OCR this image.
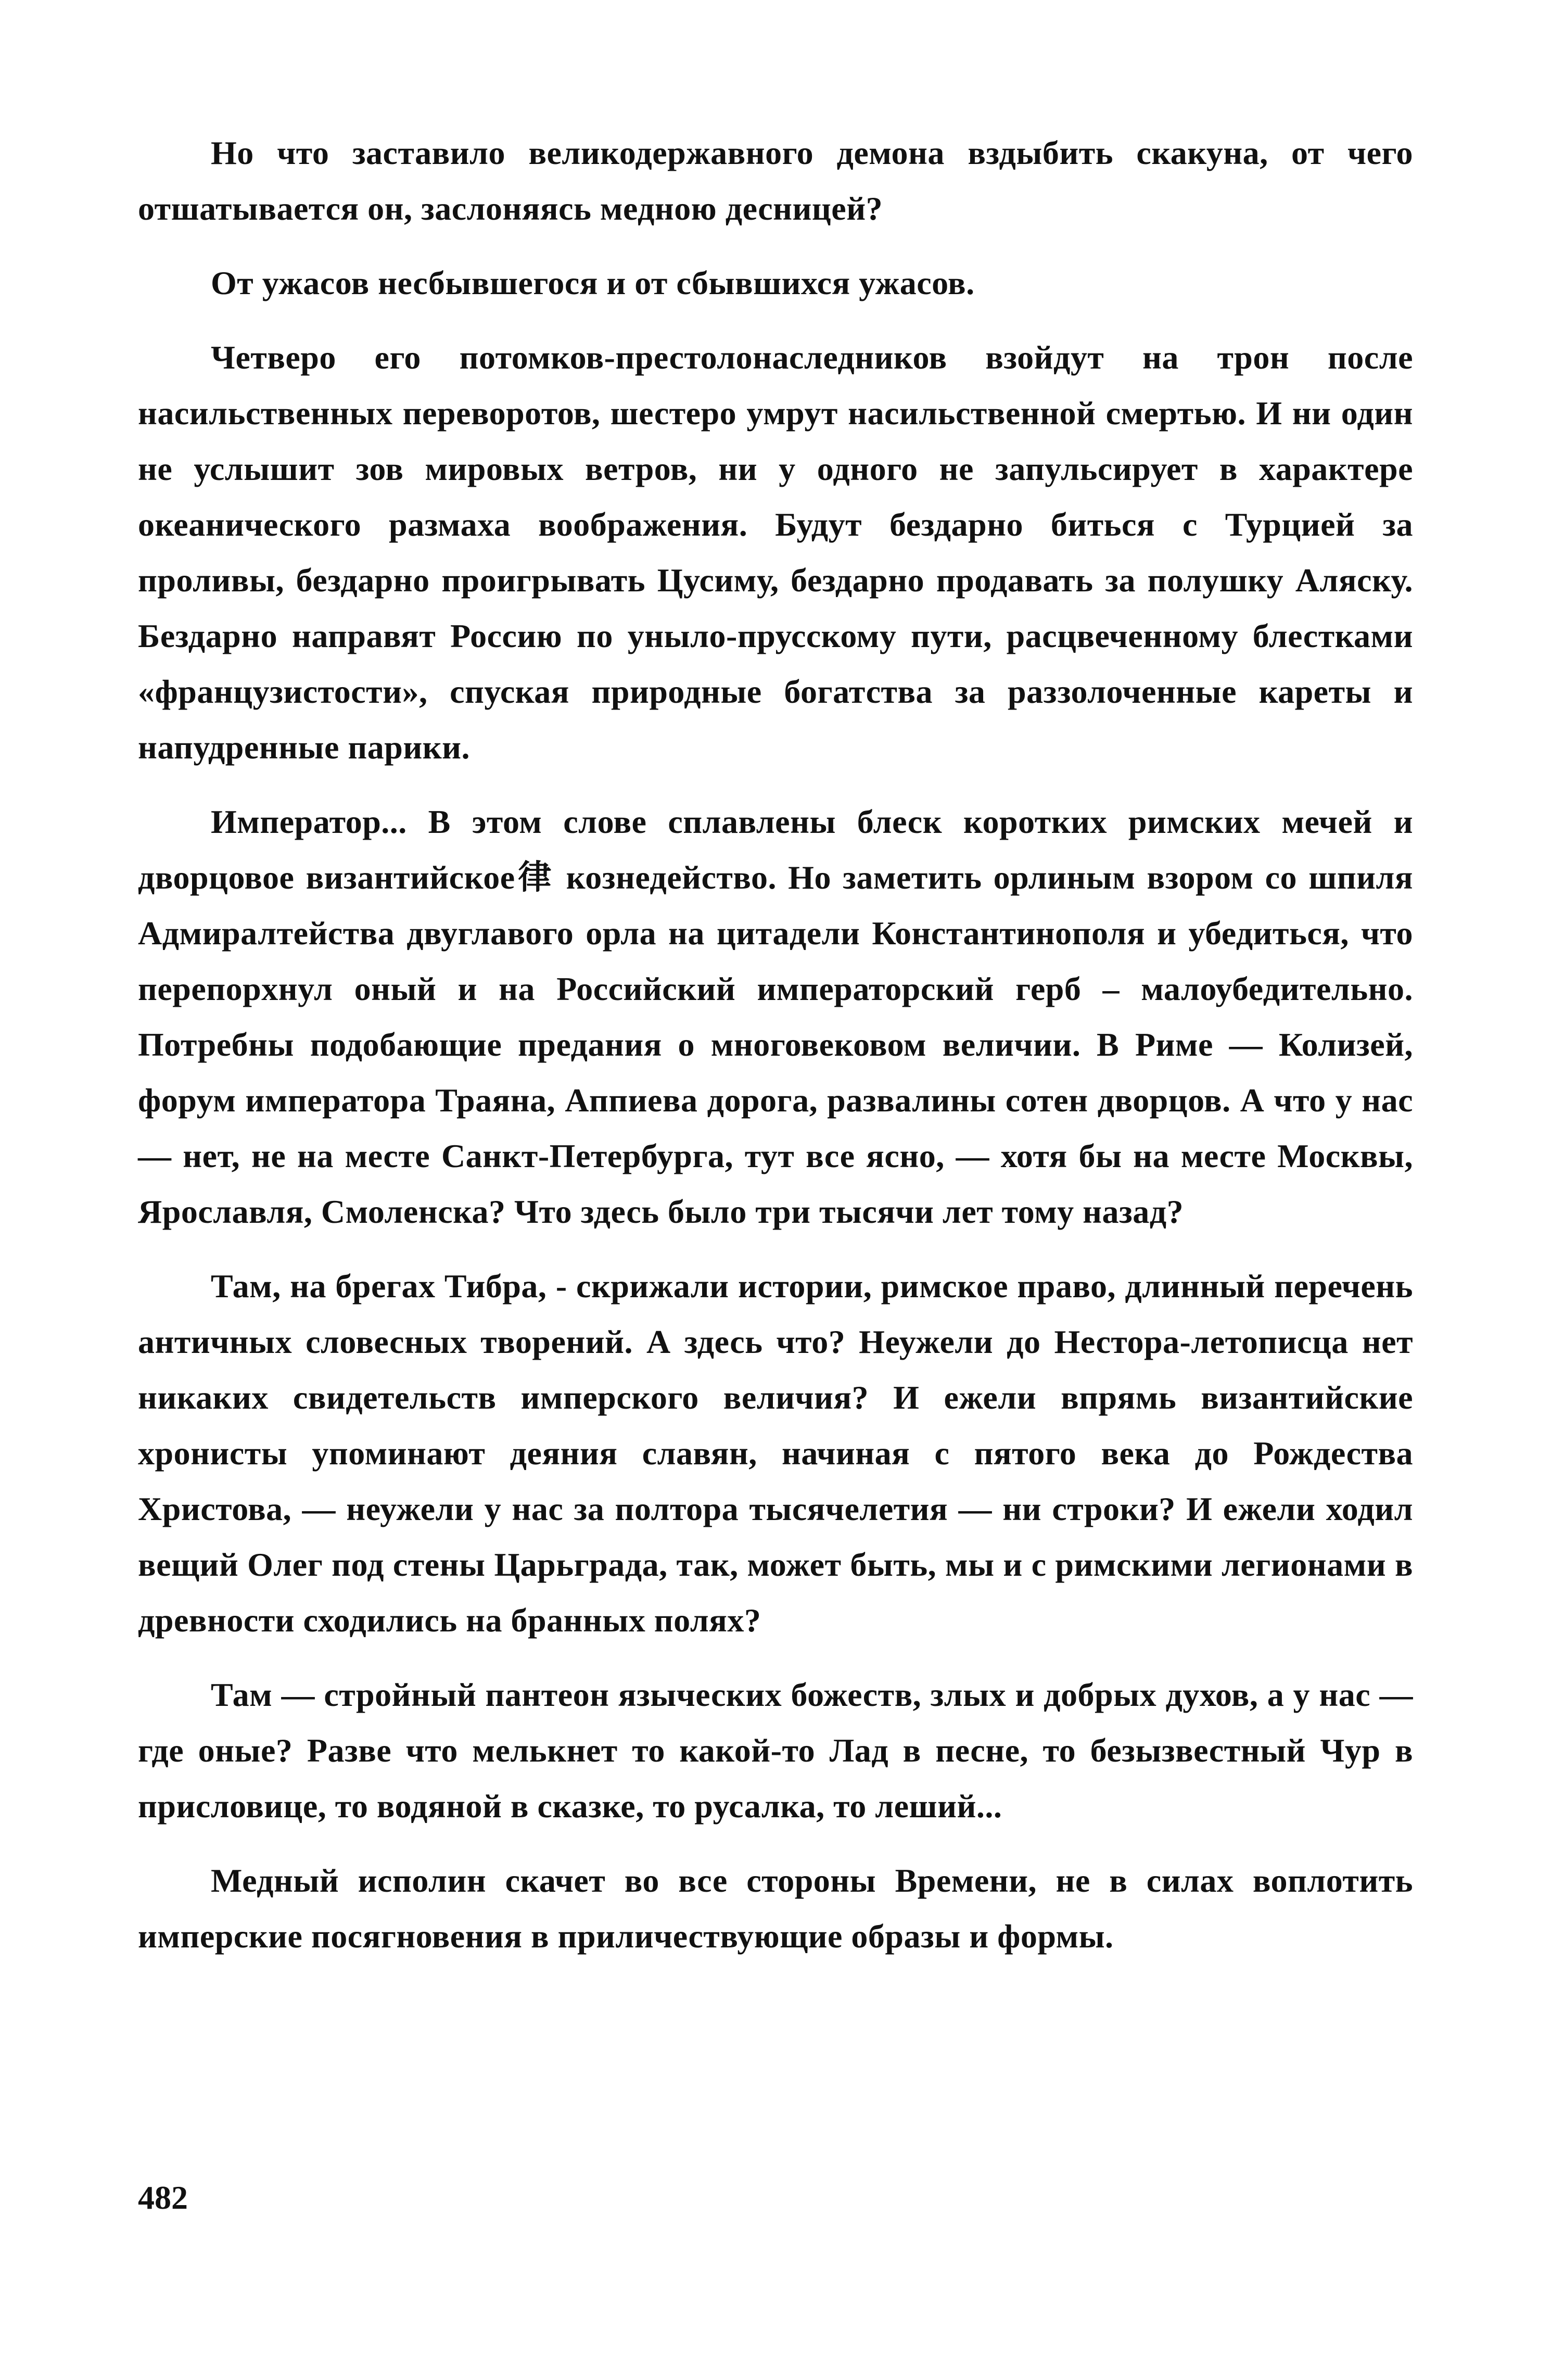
Но что заставило великодержавного демона вздыбить скакуна, от чего отшатывается он, заслоняясь медною десницей?

От ужасов несбывшегося и от сбывшихся ужасов.

Четверо его потомков-престолонаследников взойдут на трон после насильственных переворотов, шестеро умрут насильственной смертью. И ни один не услышит зов мировых ветров, ни у одного не запульсирует в характере океанического размаха воображения. Будут бездарно биться с Турцией за проливы, бездарно проигрывать Цусиму, бездарно продавать за полушку Аляску. Бездарно направят Россию по уныло-прусскому пути, расцвеченному блестками «французистости», спуская природные богатства за раззолоченные кареты и напудренные парики.

Император... В этом слове сплавлены блеск коротких римских мечей и дворцовое византийское律 кознедейство. Но заметить орлиным взором со шпиля Адмиралтейства двуглавого орла на цитадели Константинополя и убедиться, что перепорхнул оный и на Российский императорский герб – малоубедительно. Потребны подобающие предания о многовековом величии. В Риме — Колизей, форум императора Траяна, Аппиева дорога, развалины сотен дворцов. А что у нас — нет, не на месте Санкт-Петербурга, тут все ясно, — хотя бы на месте Москвы, Ярославля, Смоленска? Что здесь было три тысячи лет тому назад?

Там, на брегах Тибра, - скрижали истории, римское право, длинный перечень античных словесных творений. А здесь что? Неужели до Нестора-летописца нет никаких свидетельств имперского величия? И ежели впрямь византийские хронисты упоминают деяния славян, начиная с пятого века до Рождества Христова, — неужели у нас за полтора тысячелетия — ни строки? И ежели ходил вещий Олег под стены Царьграда, так, может быть, мы и с римскими легионами в древности сходились на бранных полях?

Там — стройный пантеон языческих божеств, злых и добрых духов, а у нас — где оные? Разве что мелькнет то какой-то Лад в песне, то безызвестный Чур в присловице, то водяной в сказке, то русалка, то леший...

Медный исполин скачет во все стороны Времени, не в силах воплотить имперские посягновения в приличествующие образы и формы.

482
